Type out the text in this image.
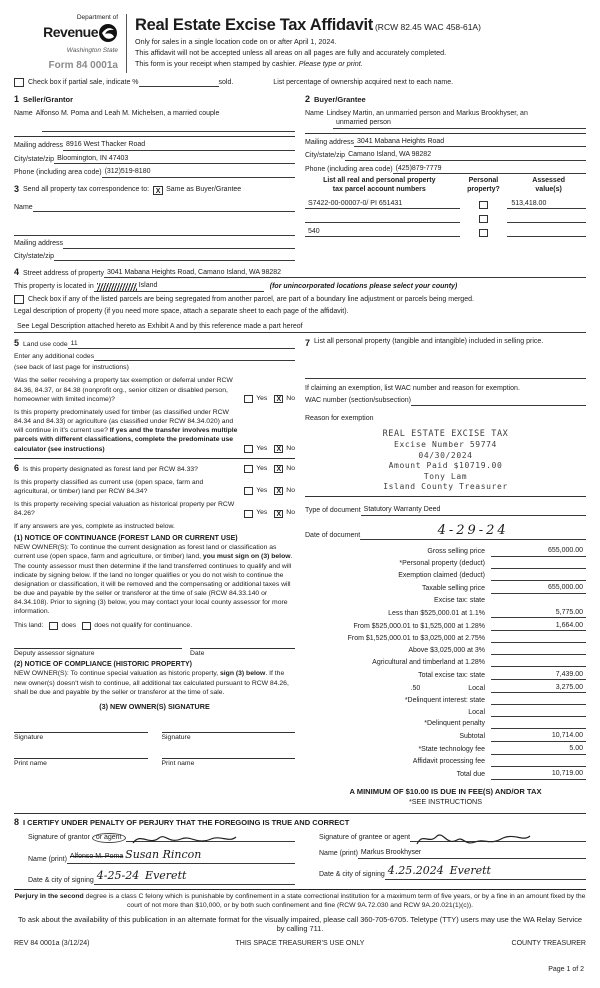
Department of
Revenue
Washington State
Form 84 0001a
Real Estate Excise Tax Affidavit (RCW 82.45 WAC 458-61A)
Only for sales in a single location code on or after April 1, 2024.
This affidavit will not be accepted unless all areas on all pages are fully and accurately completed.
This form is your receipt when stamped by cashier. Please type or print.
Check box if partial sale, indicate %	sold.	List percentage of ownership acquired next to each name.
1 Seller/Grantor
Name Alfonso M. Poma and Leah M. Michelsen, a married couple
Mailing address 8916 West Thacker Road
City/state/zip Bloomington, IN 47403
Phone (including area code) (312)519-8180
3 Send all property tax correspondence to: X Same as Buyer/Grantee
Name
Mailing address
City/state/zip
2 Buyer/Grantee
Name Lindsey Martin, an unmarried person and Markus Brookhyser, an
unmarried person
Mailing address 3041 Mabana Heights Road
City/state/zip Camano Island, WA 98282
Phone (including area code) (425)879-7779
List all real and personal property
tax parcel account numbers
Personal
property?
Assessed
value(s)
S7422-00-00007-0/ PI 651431	513,418.00
540
4 Street address of property 3041 Mabana Heights Road, Camano Island, WA 98282
This property is located in	Island	(for unincorporated locations please select your county)
Check box if any of the listed parcels are being segregated from another parcel, are part of a boundary line adjustment or parcels being merged.
Legal description of property (if you need more space, attach a separate sheet to each page of the affidavit).
See Legal Description attached hereto as Exhibit A and by this reference made a part hereof
5 Land use code 11
Enter any additional codes
(see back of last page for instructions)
Was the seller receiving a property tax exemption or deferral under RCW 84.36, 84.37, or 84.38 (nonprofit org., senior citizen or disabled person, homeowner with limited income)?	Yes	X No
Is this property predominately used for timber (as classified under RCW 84.34 and 84.33) or agriculture (as classified under RCW 84.34.020) and will continue in it's current use? If yes and the transfer involves multiple parcels with different classifications, complete the predominate use calculator (see instructions)	Yes	X No
6 Is this property designated as forest land per RCW 84.33?	Yes	X No
Is this property classified as current use (open space, farm and agricultural, or timber) land per RCW 84.34?	Yes	X No
Is this property receiving special valuation as historical property per RCW 84.26?	Yes	X No
If any answers are yes, complete as instructed below.
(1) NOTICE OF CONTINUANCE (FOREST LAND OR CURRENT USE)
NEW OWNER(S): To continue the current designation as forest land or classification as current use (open space, farm and agriculture, or timber) land, you must sign on (3) below. The county assessor must then determine if the land transferred continues to qualify and will indicate by signing below. If the land no longer qualifies or you do not wish to continue the designation or classification, it will be removed and the compensating or additional taxes will be due and payable by the seller or transferor at the time of sale (RCW 84.33.140 or 84.34.108). Prior to signing (3) below, you may contact your local county assessor for more information.
This land:	does	does not qualify for continuance.
Deputy assessor signature	Date
(2) NOTICE OF COMPLIANCE (HISTORIC PROPERTY)
NEW OWNER(S): To continue special valuation as historic property, sign (3) below. If the new owner(s) doesn't wish to continue, all additional tax calculated pursuant to RCW 84.26, shall be due and payable by the seller or transferor at the time of sale.
(3) NEW OWNER(S) SIGNATURE
Signature	Signature
Print name	Print name
7 List all personal property (tangible and intangible) included in selling price.
If claiming an exemption, list WAC number and reason for exemption.
WAC number (section/subsection)
Reason for exemption
REAL ESTATE EXCISE TAX
Excise Number 59774
04/30/2024
Amount Paid $10719.00
Tony Lam
Island County Treasurer
Type of document Statutory Warranty Deed
Date of document	4-29-24
Gross selling price	655,000.00
*Personal property (deduct)
Exemption claimed (deduct)
Taxable selling price	655,000.00
Excise tax: state
Less than $525,000.01 at 1.1%	5,775.00
From $525,000.01 to $1,525,000 at 1.28%	1,664.00
From $1,525,000.01 to $3,025,000 at 2.75%
Above $3,025,000 at 3%
Agricultural and timberland at 1.28%
Total excise tax: state	7,439.00
.50	Local	3,275.00
*Delinquent interest: state
Local
*Delinquent penalty
Subtotal	10,714.00
*State technology fee	5.00
Affidavit processing fee
Total due	10,719.00
A MINIMUM OF $10.00 IS DUE IN FEE(S) AND/OR TAX
*SEE INSTRUCTIONS
8 I CERTIFY UNDER PENALTY OF PERJURY THAT THE FOREGOING IS TRUE AND CORRECT
Signature of grantor or agent
Name (print) Alfonso M. Poma Susan Rincon
Date & city of signing 4-25-24 Everett
Signature of grantee or agent
Name (print) Markus Brookhyser
Date & city of signing 4.25.2024 Everett
Perjury in the second degree is a class C felony which is punishable by confinement in a state correctional institution for a maximum term of five years, or by a fine in an amount fixed by the court of not more than $10,000, or by both such confinement and fine (RCW 9A.72.030 and RCW 9A.20.021(1)(c)).
To ask about the availability of this publication in an alternate format for the visually impaired, please call 360-705-6705. Teletype (TTY) users may use the WA Relay Service by calling 711.
REV 84 0001a (3/12/24)	THIS SPACE TREASURER'S USE ONLY	COUNTY TREASURER
Page 1 of 2
